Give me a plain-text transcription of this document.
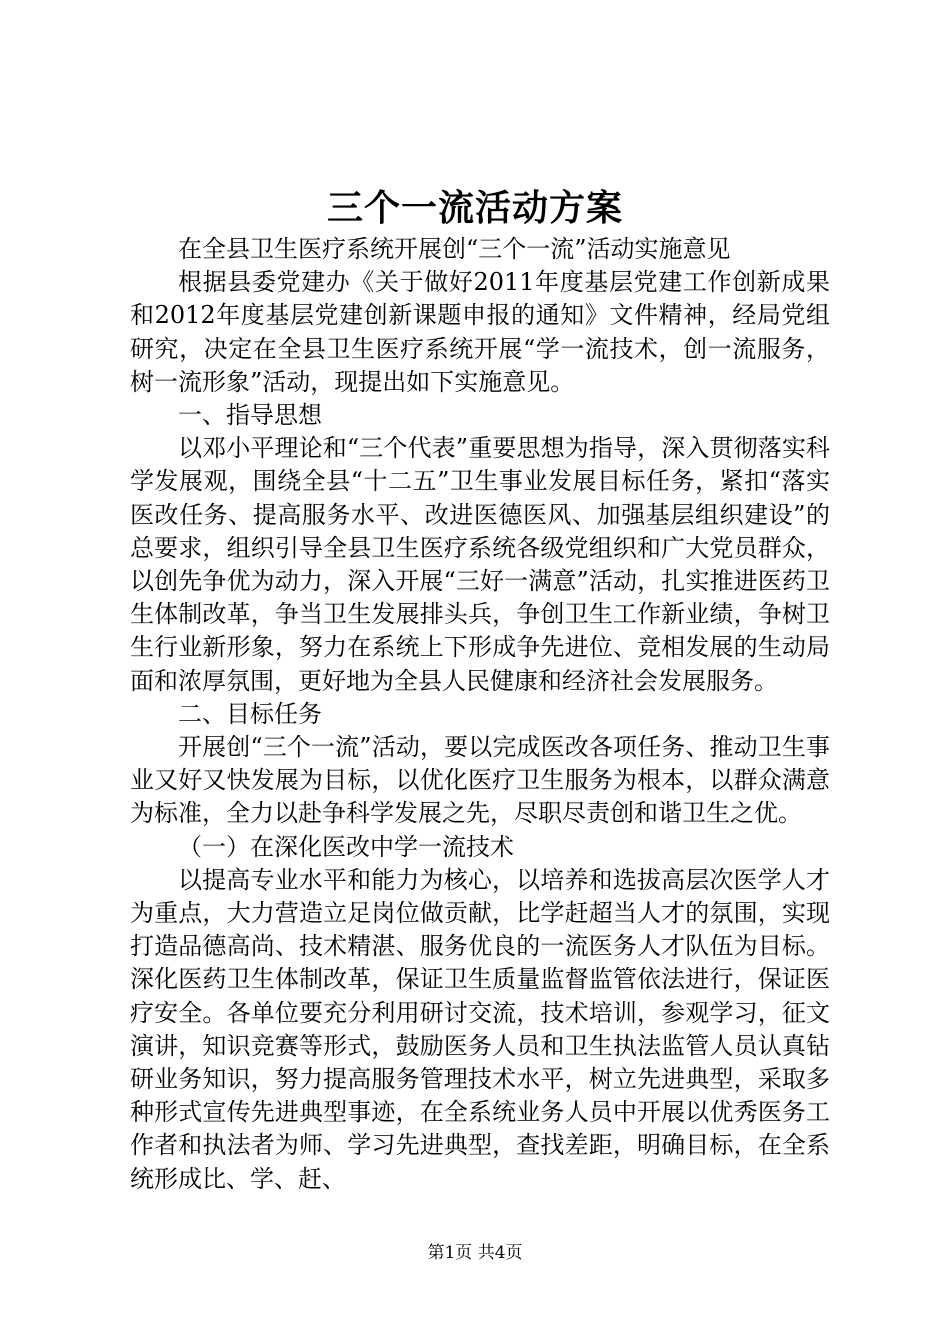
三个一流活动方案

在全县卫生医疗系统开展创“三个一流”活动实施意见

根据县委党建办《关于做好2011年度基层党建工作创新成果和2012年度基层党建创新课题申报的通知》文件精神，经局党组研究，决定在全县卫生医疗系统开展“学一流技术，创一流服务，树一流形象”活动，现提出如下实施意见。

一、指导思想

以邓小平理论和“三个代表”重要思想为指导，深入贯彻落实科学发展观，围绕全县“十二五”卫生事业发展目标任务，紧扣“落实医改任务、提高服务水平、改进医德医风、加强基层组织建设”的总要求，组织引导全县卫生医疗系统各级党组织和广大党员群众，以创先争优为动力，深入开展“三好一满意”活动，扎实推进医药卫生体制改革，争当卫生发展排头兵，争创卫生工作新业绩，争树卫生行业新形象，努力在系统上下形成争先进位、竞相发展的生动局面和浓厚氛围，更好地为全县人民健康和经济社会发展服务。

二、目标任务

开展创“三个一流”活动，要以完成医改各项任务、推动卫生事业又好又快发展为目标，以优化医疗卫生服务为根本，以群众满意为标准，全力以赴争科学发展之先，尽职尽责创和谐卫生之优。

（一）在深化医改中学一流技术

以提高专业水平和能力为核心，以培养和选拔高层次医学人才为重点，大力营造立足岗位做贡献，比学赶超当人才的氛围，实现打造品德高尚、技术精湛、服务优良的一流医务人才队伍为目标。深化医药卫生体制改革，保证卫生质量监督监管依法进行，保证医疗安全。各单位要充分利用研讨交流，技术培训，参观学习，征文演讲，知识竞赛等形式，鼓励医务人员和卫生执法监管人员认真钻研业务知识，努力提高服务管理技术水平，树立先进典型，采取多种形式宣传先进典型事迹，在全系统业务人员中开展以优秀医务工作者和执法者为师、学习先进典型，查找差距，明确目标，在全系统形成比、学、赶、

第1页 共4页
